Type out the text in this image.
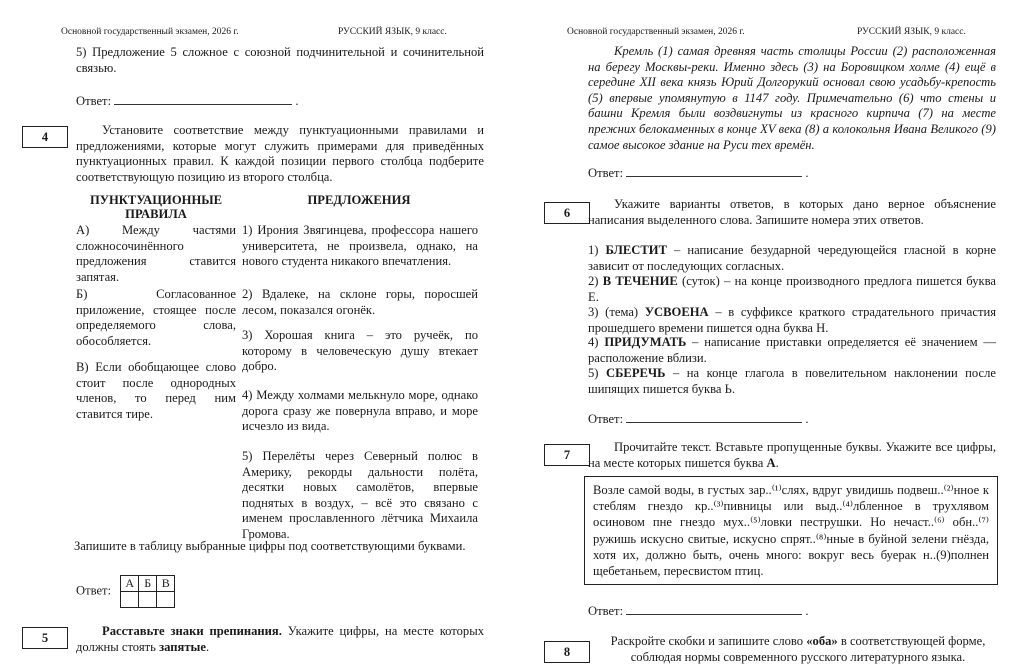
Основной государственный экзамен, 2026 г.	РУССКИЙ ЯЗЫК, 9 класс.
5) Предложение 5 сложное с союзной подчинительной и сочинительной связью.
Ответ:	.
4	Установите соответствие между пунктуационными правилами и предложениями, которые могут служить примерами для приведённых пунктуационных правил. К каждой позиции первого столбца подберите соответствующую позицию из второго столбца.
ПУНКТУАЦИОННЫЕ ПРАВИЛА
ПРЕДЛОЖЕНИЯ
А) Между частями сложносочинённого предложения ставится запятая.
Б) Согласованное приложение, стоящее после определяемого слова, обособляется.
В) Если обобщающее слово стоит после однородных членов, то перед ним ставится тире.
1) Ирония Звягинцева, профессора нашего университета, не произвела, однако, на нового студента никакого впечатления.
2) Вдалеке, на склоне горы, поросшей лесом, показался огонёк.
3) Хорошая книга – это ручеёк, по которому в человеческую душу втекает добро.
4) Между холмами мелькнуло море, однако дорога сразу же повернула вправо, и море исчезло из вида.
5) Перелёты через Северный полюс в Америку, рекорды дальности полёта, десятки новых самолётов, впервые поднятых в воздух, – всё это связано с именем прославленного лётчика Михаила Громова.
Запишите в таблицу выбранные цифры под соответствующими буквами.
Ответ: А	Б	В

5	Расставьте знаки препинания. Укажите цифры, на месте которых должны стоять запятые.
Основной государственный экзамен, 2026 г.	РУССКИЙ ЯЗЫК, 9 класс.
Кремль (1) самая древняя часть столицы России (2) расположенная на берегу Москвы-реки. Именно здесь (3) на Боровицком холме (4) ещё в середине XII века князь Юрий Долгорукий основал свою усадьбу-крепость (5) впервые упомянутую в 1147 году. Примечательно (6) что стены и башни Кремля были воздвигнуты из красного кирпича (7) на месте прежних белокаменных в конце XV века (8) а колокольня Ивана Великого (9) самое высокое здание на Руси тех времён.
Ответ:	.
6
Укажите варианты ответов, в которых дано верное объяснение написания выделенного слова. Запишите номера этих ответов.
1) БЛЕСТИТ – написание безударной чередующейся гласной в корне зависит от последующих согласных.
2) В ТЕЧЕНИЕ (суток) – на конце производного предлога пишется буква Е.
3) (тема) УСВОЕНА – в суффиксе краткого страдательного причастия прошедшего времени пишется одна буква Н.
4) ПРИДУМАТЬ – написание приставки определяется её значением — расположение вблизи.
5) СБЕРЕЧЬ – на конце глагола в повелительном наклонении после шипящих пишется буква Ь.
Ответ:	.
7
Прочитайте текст. Вставьте пропущенные буквы. Укажите все цифры, на месте которых пишется буква А.
Возле самой воды, в густых зар..⁽¹⁾слях, вдруг увидишь подвеш..⁽²⁾нное к стеблям гнездо кр..⁽³⁾пивницы или выд..⁽⁴⁾лбленное в трухлявом осиновом пне гнездо мух..⁽⁵⁾ловки пеструшки. Но нечаст..⁽⁶⁾ обн..⁽⁷⁾ружишь искусно свитые, искусно спрят..⁽⁸⁾нные в буйной зелени гнёзда, хотя их, должно быть, очень много: вокруг весь буерак н..(9)полнен щебетаньем, пересвистом птиц.
Ответ:	.
8
Раскройте скобки и запишите слово «оба» в соответствующей форме, соблюдая нормы современного русского литературного языка.
